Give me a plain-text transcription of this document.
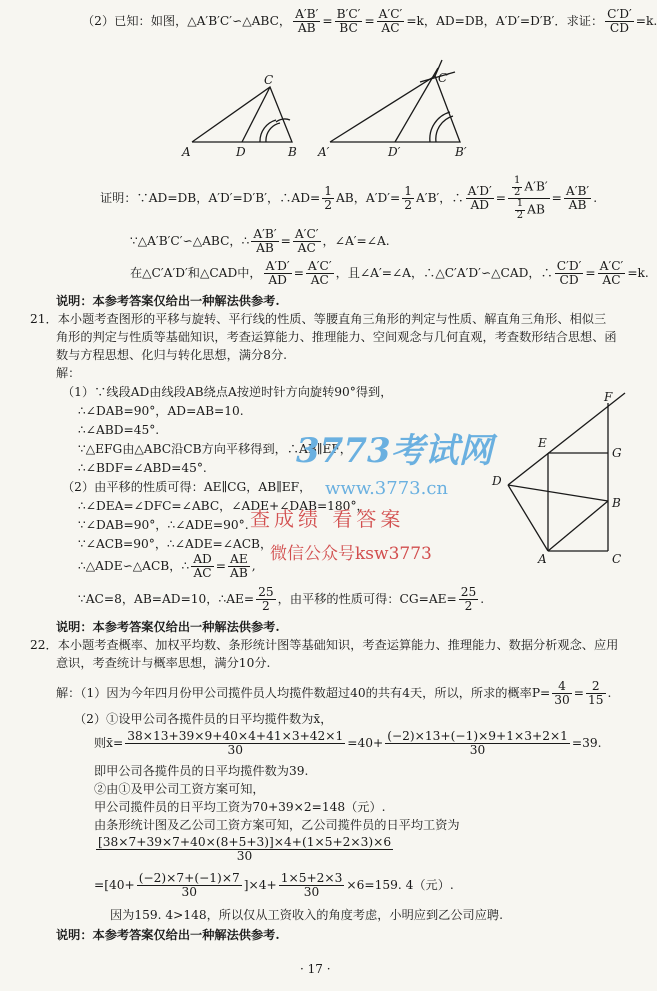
（2）已知：如图，△A′B′C′∽△ABC， $\frac{A'B'}{AB} = \frac{B'C'}{BC} = \frac{A'C'}{AC} =k$，AD=DB，A′D′=D′B′．求证： $\frac{C'D'}{CD} =k$.
A	D	B
C
A′	D′	B′
C′
证明：∵AD=DB，A′D′=D′B′，∴AD= $\frac{1}{2}$ AB，$A'D'= \frac{1}{2} A'B'$，∴ $\frac{A'D'}{AD} = \frac{\frac{1}{2} A'B'}{\frac{1}{2} AB} = \frac{A'B'}{AB}$ .
∵△A′B′C′∽△ABC，∴ $\frac{A'B'}{AB} = \frac{A'C'}{AC}$ ，∠A′=∠A.
在△C′A′D′和△CAD中， $\frac{A'D'}{AD} = \frac{A'C'}{AC}$ ，且∠A′=∠A，∴△C′A′D′∽△CAD，∴ $\frac{C'D'}{CD} = \frac{A'C'}{AC} =k$.
说明：本参考答案仅给出一种解法供参考.
21．本小题考查图形的平移与旋转、平行线的性质、等腰直角三角形的判定与性质、解直角三角形、相似三
角形的判定与性质等基础知识，考查运算能力、推理能力、空间观念与几何直观，考查数形结合思想、函
数与方程思想、化归与转化思想，满分8分.
解：
（1）∵线段AD由线段AB绕点A按逆时针方向旋转90°得到，
∴∠DAB=90°，AD=AB=10.
∴∠ABD=45°.
∵△EFG由△ABC沿CB方向平移得到，∴AB∥EF，
∴∠BDF=∠ABD=45°.
（2）由平移的性质可得：AE∥CG，AB∥EF，
∴∠DEA=∠DFC=∠ABC，∠ADE+∠DAB=180°，
∵∠DAB=90°，∴∠ADE=90°.
∵∠ACB=90°，∴∠ADE=∠ACB，
∴△ADE∽△ACB，∴ $\frac{AD}{AC} = \frac{AE}{AB}$ ,
∵AC=8，AB=AD=10，∴AE= $\frac{25}{2}$ ，由平移的性质可得：$CG=AE= \frac{25}{2}$ .
说明：本参考答案仅给出一种解法供参考.
F
E
G
D
B
A	C
22．本小题考查概率、加权平均数、条形统计图等基础知识，考查运算能力、推理能力、数据分析观念、应用
意识，考查统计与概率思想，满分10分.
解：（1）因为今年四月份甲公司揽件员人均揽件数超过40的共有4天，所以，所求的概率$P= \frac{4}{30} = \frac{2}{15}$ .
（2）①设甲公司各揽件员的日平均揽件数为x̄，
则x̄= $\frac{38\times 13+39\times 9+40\times 4+41\times 3+42\times 1}{30} =40+ \frac{(-2)\times 13+(-1)\times 9+1\times 3+2\times 1}{30} =39$.
即甲公司各揽件员的日平均揽件数为39.
②由①及甲公司工资方案可知，
甲公司揽件员的日平均工资为70+39×2=148（元）.
由条形统计图及乙公司工资方案可知，乙公司揽件员的日平均工资为
$\frac{[38\times 7+39\times 7+40\times(8+5+3)]\times 4+(1\times 5+2\times 3)\times 6}{30}$
$=[40+ \frac{(-2)\times 7+(-1)\times 7}{30} ]\times 4+ \frac{1\times 5+2\times 3}{30} \times 6=159$. 4（元）.
因为159. 4>148，所以仅从工资收入的角度考虑，小明应到乙公司应聘.
说明：本参考答案仅给出一种解法供参考.
· 17 ·
3773考试网
www.3773.cn
查成绩 看答案
微信公众号ksw3773
